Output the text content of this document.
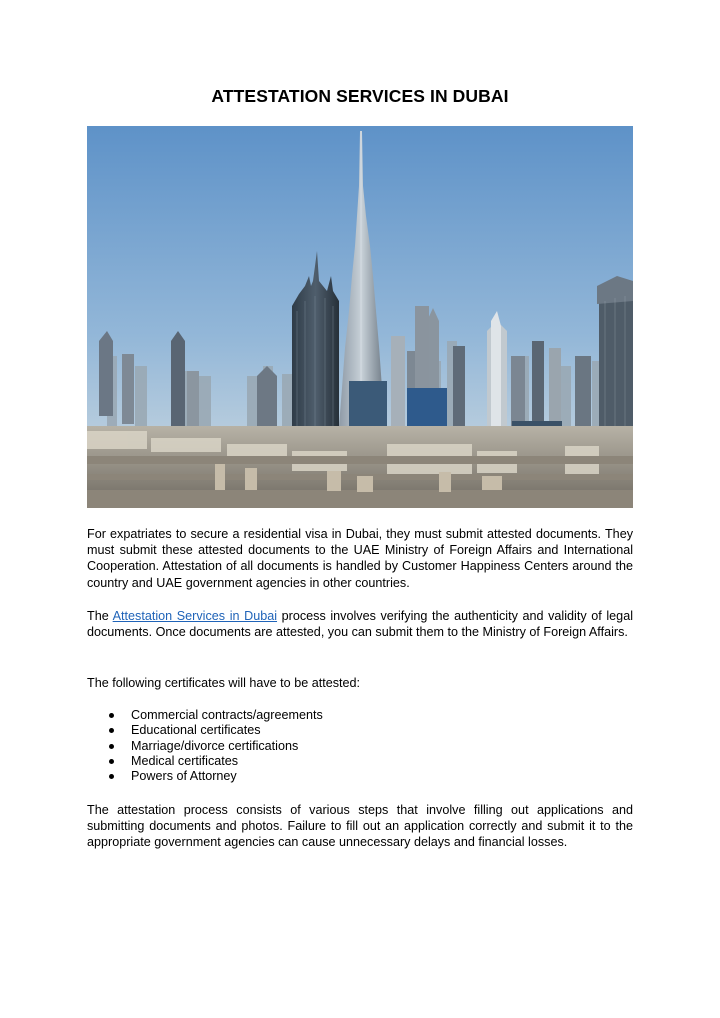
ATTESTATION SERVICES IN DUBAI

For expatriates to secure a residential visa in Dubai, they must submit attested documents. They must submit these attested documents to the UAE Ministry of Foreign Affairs and International Cooperation. Attestation of all documents is handled by Customer Happiness Centers around the country and UAE government agencies in other countries.

The Attestation Services in Dubai process involves verifying the authenticity and validity of legal documents. Once documents are attested, you can submit them to the Ministry of Foreign Affairs.

The following certificates will have to be attested:

Commercial contracts/agreements
Educational certificates
Marriage/divorce certifications
Medical certificates
Powers of Attorney

The attestation process consists of various steps that involve filling out applications and submitting documents and photos. Failure to fill out an application correctly and submit it to the appropriate government agencies can cause unnecessary delays and financial losses.
